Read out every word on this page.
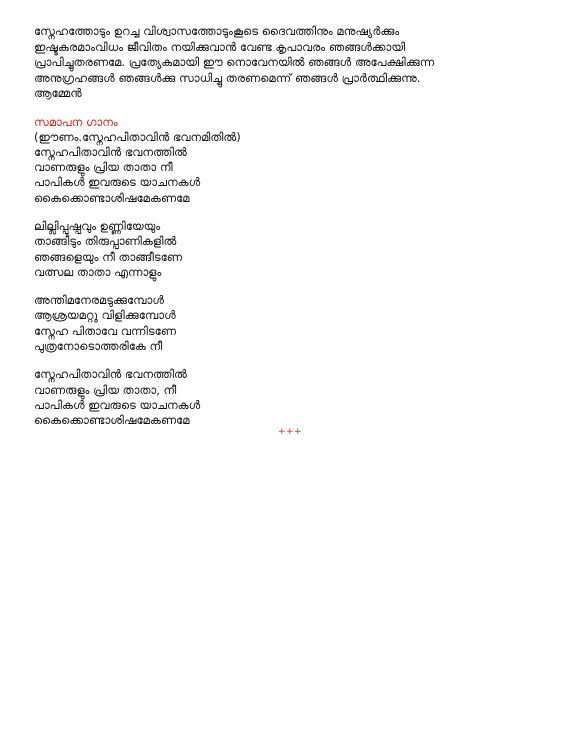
സ്നേഹത്തോടും ഉറച്ച വിശ്വാസത്തോടുംകൂടെ ദൈവത്തിനും മനുഷ്യർക്കും
ഇഷ്ടകരമാംവിധം ജീവിതം നയിക്കുവാൻ വേണ്ട കൃപാവരം ഞങ്ങൾക്കായി
പ്രാപിച്ചുതരണമേ. പ്രത്യേകമായി ഈ നൊവേനയിൽ ഞങ്ങൾ അപേക്ഷിക്കുന്ന
അനുഗ്രഹങ്ങൾ ഞങ്ങൾക്കു സാധിച്ചു തരണമെന്ന് ഞങ്ങൾ പ്രാർത്ഥിക്കുന്നു.
ആമ്മേൻ
സമാപന ഗാനം
(ഈണം.സ്നേഹപിതാവിൻ ഭവനമിതിൽ)
സ്നേഹപിതാവിൻ ഭവനത്തിൽ
വാണരുളും പ്രിയ താതാ നീ
പാപികൾ ഇവരുടെ യാചനകൾ
കൈക്കൊണ്ടാശിഷമേകണമേ
ലില്ലിപ്പുഷ്പവും ഉണ്ണിയേയും
താങ്ങിടും തിരുപ്പാണികളിൽ
ഞങ്ങളെയും നീ താങ്ങീടണേ
വത്സല താതാ എന്നാളും
അന്തിമനേരമടുക്കുമ്പോൾ
ആശ്രയമറ്റു വിളിക്കുമ്പോൾ
സ്നേഹ പിതാവേ വന്നിടണേ
പുത്രനോടൊത്തരികേ നീ
സ്നേഹപിതാവിൻ ഭവനത്തിൽ
വാണരുളും പ്രിയ താതാ, നീ
പാപികൾ ഇവരുടെ യാചനകൾ
കൈക്കൊണ്ടാശിഷമേകണമേ
+++
